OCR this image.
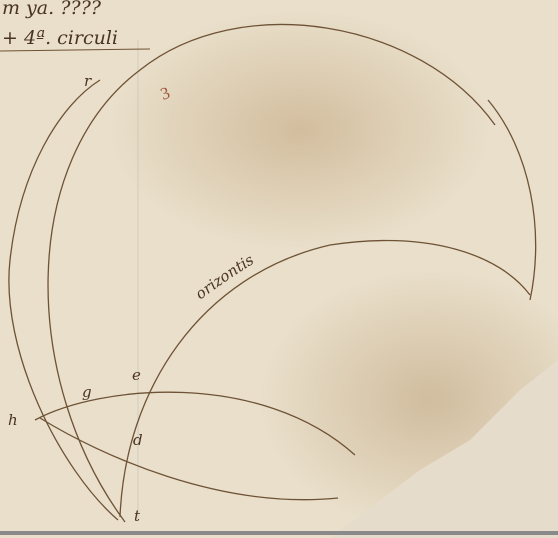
m ya. ????
+ 4ª. circuli
orizontis
r
g
e
h
d
t
3
